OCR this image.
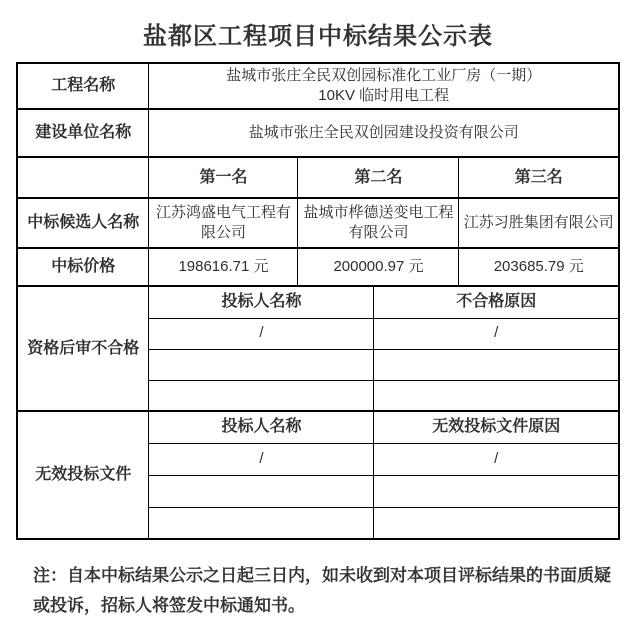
盐都区工程项目中标结果公示表
工程名称	盐城市张庄全民双创园标准化工业厂房（一期）
10KV 临时用电工程			

建设单位名称	盐城市张庄全民双创园建设投资有限公司			
	第一名	第二名		第三名
中标候选人名称	江苏鸿盛电气工程有限公司	盐城市桦德送变电工程有限公司		江苏习胜集团有限公司
中标价格	198616.71 元	200000.97 元		203685.79 元
资格后审不合格	投标人名称		不合格原因	
	/		/	

无效投标文件	投标人名称		无效投标文件原因	
	/		/	

注：自本中标结果公示之日起三日内，如未收到对本项目评标结果的书面质疑或投诉，招标人将签发中标通知书。
